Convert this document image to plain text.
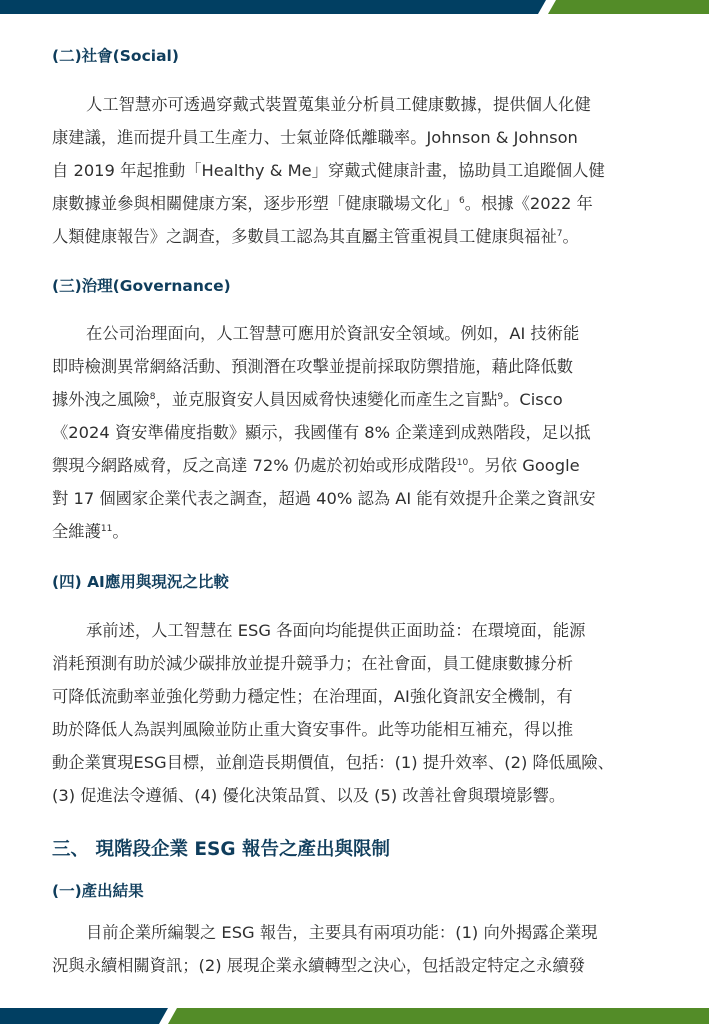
(二)社會(Social)
人工智慧亦可透過穿戴式裝置蒐集並分析員工健康數據，提供個人化健
康建議，進而提升員工生產力、士氣並降低離職率。Johnson & Johnson
自 2019 年起推動「Healthy & Me」穿戴式健康計畫，協助員工追蹤個人健
康數據並參與相關健康方案，逐步形塑「健康職場文化」$^6$。根據《2022 年
人類健康報告》之調查，多數員工認為其直屬主管重視員工健康與福祉$^7$。
(三)治理(Governance)
在公司治理面向，人工智慧可應用於資訊安全領域。例如，AI 技術能
即時檢測異常網絡活動、預測潛在攻擊並提前採取防禦措施，藉此降低數
據外洩之風險$^8$，並克服資安人員因威脅快速變化而產生之盲點$^9$。Cisco
《2024 資安準備度指數》顯示，我國僅有 8% 企業達到成熟階段，足以抵
禦現今網路威脅，反之高達 72% 仍處於初始或形成階段$^{10}$。另依 Google
對 17 個國家企業代表之調查，超過 40% 認為 AI 能有效提升企業之資訊安
全維護$^{11}$。
(四) AI應用與現況之比較
承前述，人工智慧在 ESG 各面向均能提供正面助益：在環境面，能源
消耗預測有助於減少碳排放並提升競爭力；在社會面，員工健康數據分析
可降低流動率並強化勞動力穩定性；在治理面，AI強化資訊安全機制，有
助於降低人為誤判風險並防止重大資安事件。此等功能相互補充，得以推
動企業實現ESG目標，並創造長期價值，包括：(1) 提升效率、(2) 降低風險、
(3) 促進法令遵循、(4) 優化決策品質、以及 (5) 改善社會與環境影響。
三、 現階段企業 ESG 報告之產出與限制
(一)產出結果
目前企業所編製之 ESG 報告，主要具有兩項功能：(1) 向外揭露企業現
況與永續相關資訊；(2) 展現企業永續轉型之決心，包括設定特定之永續發
